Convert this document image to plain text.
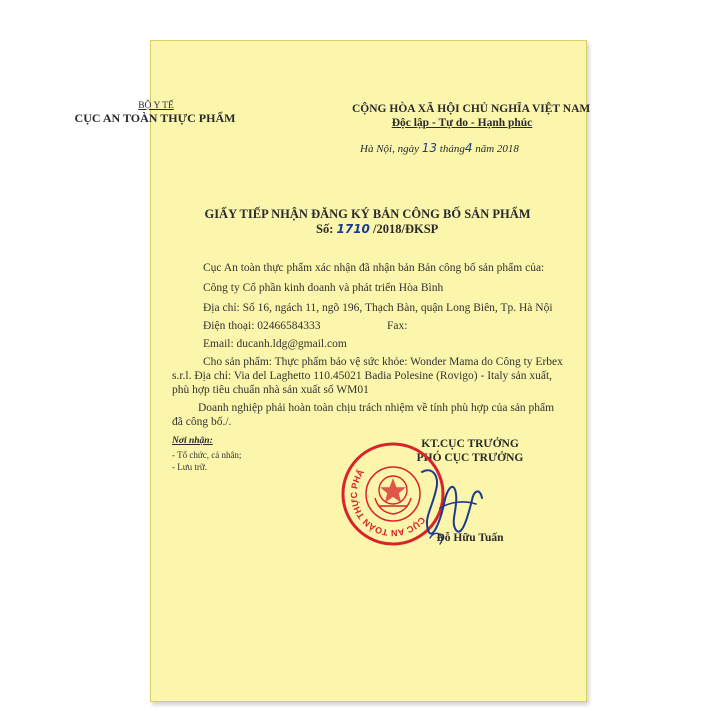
BỘ Y TẾ
CỤC AN TOÀN THỰC PHẨM
CỘNG HÒA XÃ HỘI CHỦ NGHĨA VIỆT NAM
Độc lập - Tự do - Hạnh phúc
Hà Nội, ngày 13 tháng4 năm 2018
GIẤY TIẾP NHẬN ĐĂNG KÝ BẢN CÔNG BỐ SẢN PHẨM
Số: 1710 /2018/ĐKSP
Cục An toàn thực phẩm xác nhận đã nhận bản Bản công bố sản phẩm của:
Công ty Cổ phần kinh doanh và phát triển Hòa Bình
Địa chỉ: Số 16, ngách 11, ngõ 196, Thạch Bàn, quận Long Biên, Tp. Hà Nội
Điện thoại: 02466584333	Fax:
Email: ducanh.ldg@gmail.com
Cho sản phẩm: Thực phẩm bảo vệ sức khỏe: Wonder Mama do Công ty Erbex
s.r.l. Địa chỉ: Via del Laghetto 110.45021 Badia Polesine (Rovigo) - Italy sản xuất,
phù hợp tiêu chuẩn nhà sản xuất số WM01
Doanh nghiệp phải hoàn toàn chịu trách nhiệm về tính phù hợp của sản phẩm
đã công bố./.
Nơi nhận:
- Tổ chức, cá nhân;
- Lưu trữ.
KT.CỤC TRƯỞNG
PHÓ CỤC TRƯỞNG
CỤC AN TOÀN THỰC PHẨM
Đỗ Hữu Tuấn
